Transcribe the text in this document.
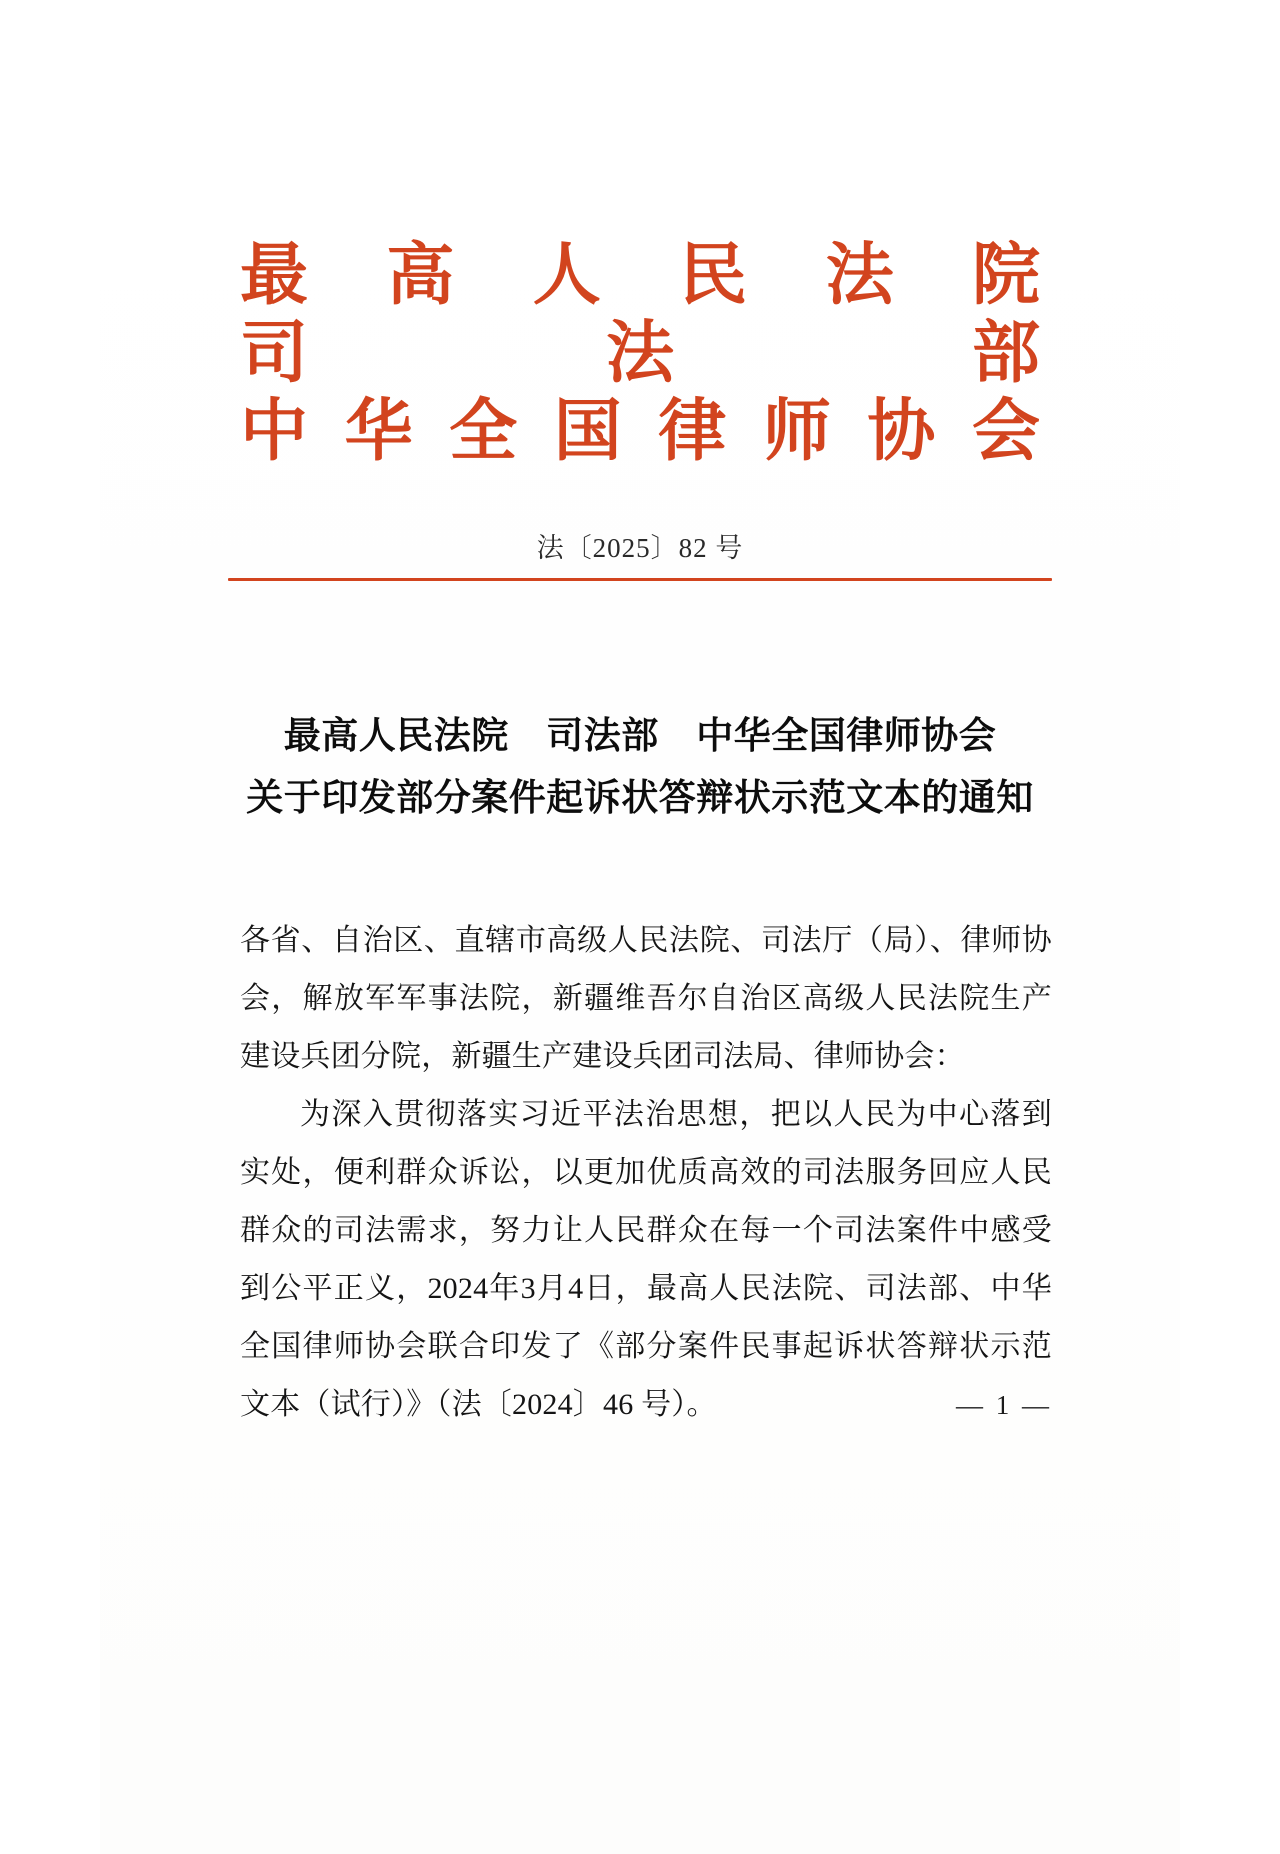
最 高 人 民 法 院
司	法	部
中 华 全 国 律 师 协 会
法〔2025〕82 号
最高人民法院　司法部　中华全国律师协会
关于印发部分案件起诉状答辩状示范文本的通知

各省、自治区、直辖市高级人民法院、司法厅（局）、律师协会，解放军军事法院，新疆维吾尔自治区高级人民法院生产建设兵团分院，新疆生产建设兵团司法局、律师协会：

为深入贯彻落实习近平法治思想，把以人民为中心落到实处，便利群众诉讼，以更加优质高效的司法服务回应人民群众的司法需求，努力让人民群众在每一个司法案件中感受到公平正义，2024年3月4日，最高人民法院、司法部、中华全国律师协会联合印发了《部分案件民事起诉状答辩状示范文本（试行）》（法〔2024〕46 号）。	— 1 —
